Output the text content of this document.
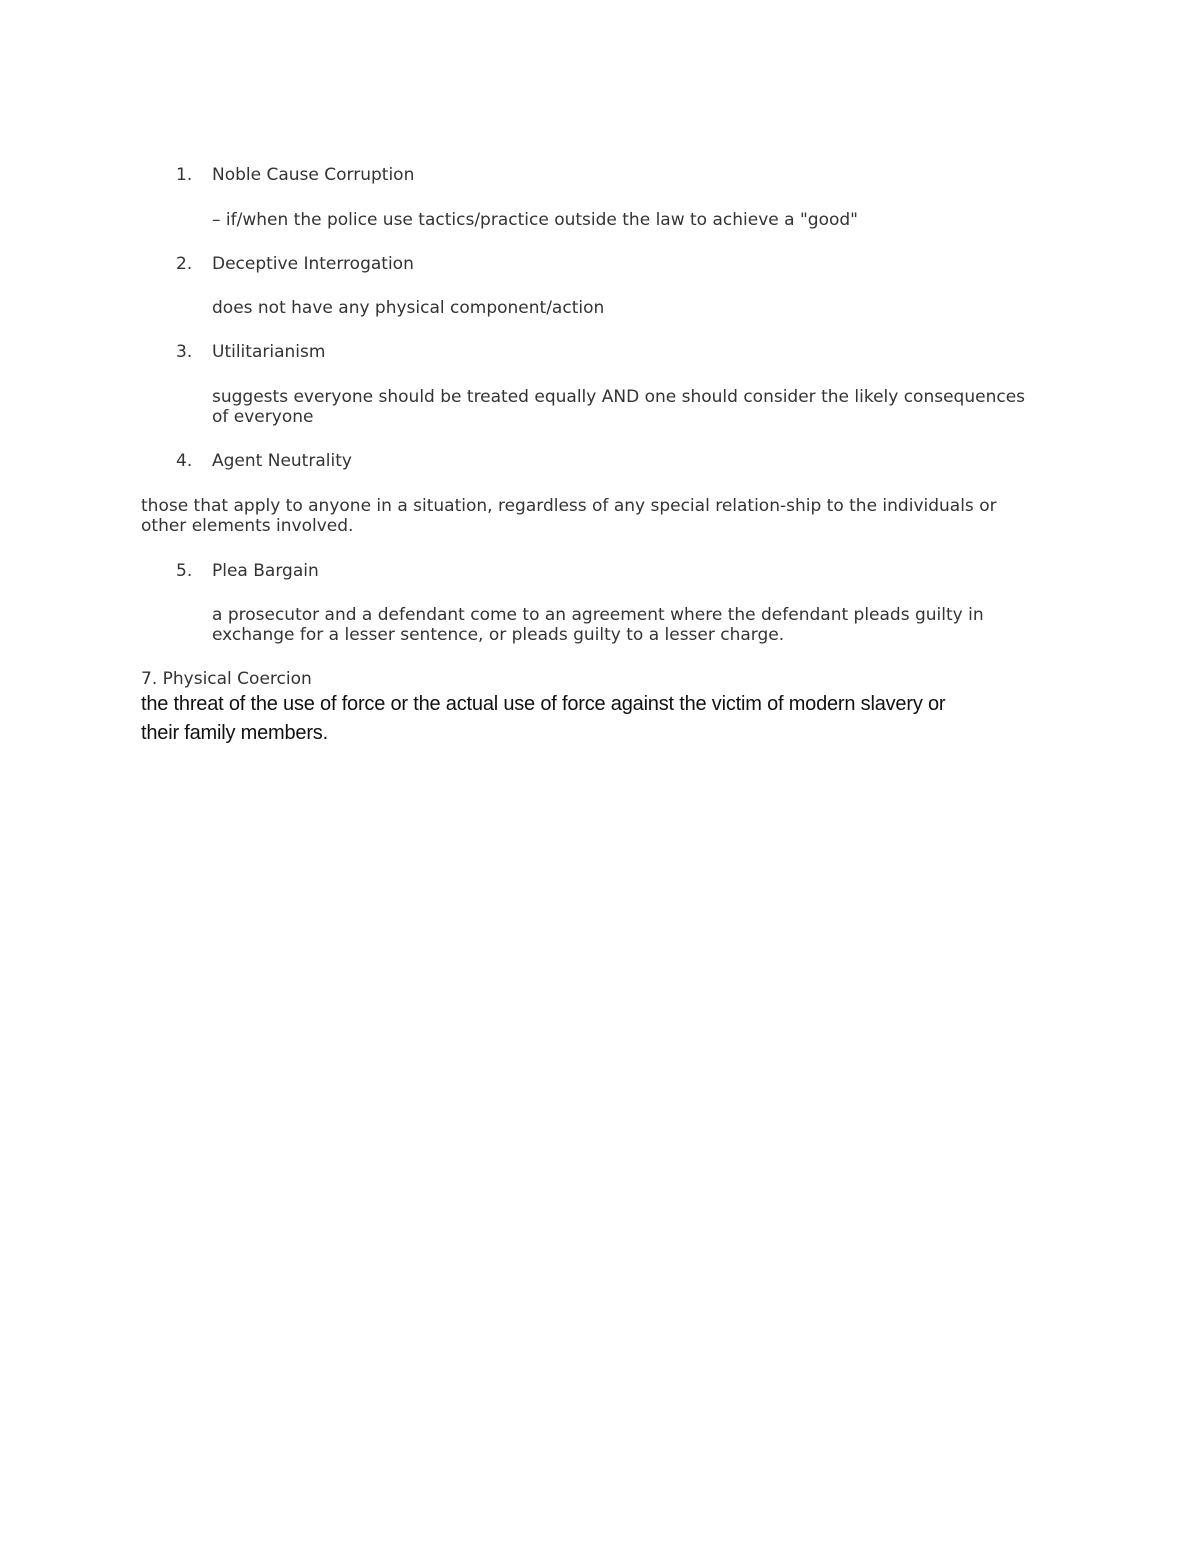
1. Noble Cause Corruption
– if/when the police use tactics/practice outside the law to achieve a "good"
2. Deceptive Interrogation
does not have any physical component/action
3. Utilitarianism
suggests everyone should be treated equally AND one should consider the likely consequences
of everyone
4. Agent Neutrality
those that apply to anyone in a situation, regardless of any special relation-ship to the individuals or
other elements involved.
5. Plea Bargain
a prosecutor and a defendant come to an agreement where the defendant pleads guilty in
exchange for a lesser sentence, or pleads guilty to a lesser charge.
7. Physical Coercion
the threat of the use of force or the actual use of force against the victim of modern slavery or
their family members.
